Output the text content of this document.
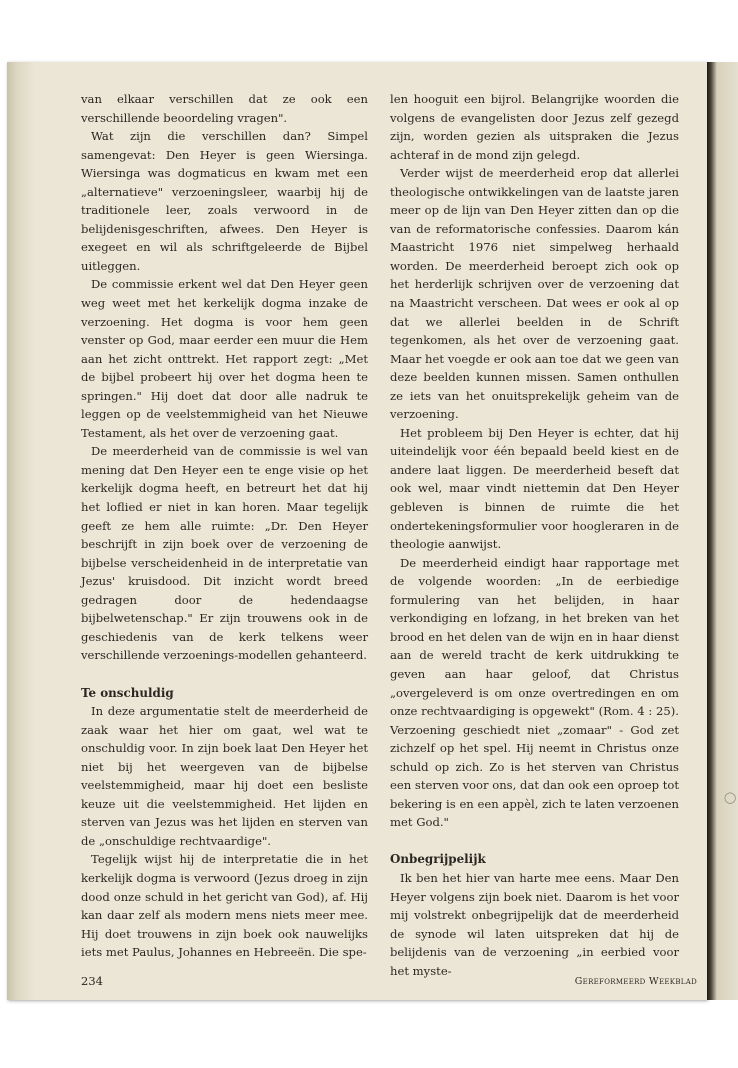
◯

van elkaar verschillen dat ze ook een verschillende beoordeling vragen".

Wat zijn die verschillen dan? Simpel samengevat: Den Heyer is geen Wiersinga. Wiersinga was dogmaticus en kwam met een „alternatieve" verzoeningsleer, waarbij hij de traditionele leer, zoals verwoord in de belijdenisgeschriften, afwees. Den Heyer is exegeet en wil als schriftgeleerde de Bijbel uitleggen.

De commissie erkent wel dat Den Heyer geen weg weet met het kerkelijk dogma inzake de verzoening. Het dogma is voor hem geen venster op God, maar eerder een muur die Hem aan het zicht onttrekt. Het rapport zegt: „Met de bijbel probeert hij over het dogma heen te springen." Hij doet dat door alle nadruk te leggen op de veelstemmigheid van het Nieuwe Testament, als het over de verzoening gaat.

De meerderheid van de commissie is wel van mening dat Den Heyer een te enge visie op het kerkelijk dogma heeft, en betreurt het dat hij het loflied er niet in kan horen. Maar tegelijk geeft ze hem alle ruimte: „Dr. Den Heyer beschrijft in zijn boek over de verzoening de bijbelse verscheidenheid in de interpretatie van Jezus' kruisdood. Dit inzicht wordt breed gedragen door de hedendaagse bijbelwetenschap." Er zijn trouwens ook in de geschiedenis van de kerk telkens weer verschillende verzoenings-modellen gehanteerd.

Te onschuldig

In deze argumentatie stelt de meerderheid de zaak waar het hier om gaat, wel wat te onschuldig voor. In zijn boek laat Den Heyer het niet bij het weergeven van de bijbelse veelstemmigheid, maar hij doet een besliste keuze uit die veelstemmigheid. Het lijden en sterven van Jezus was het lijden en sterven van de „onschuldige rechtvaardige".

Tegelijk wijst hij de interpretatie die in het kerkelijk dogma is verwoord (Jezus droeg in zijn dood onze schuld in het gericht van God), af. Hij kan daar zelf als modern mens niets meer mee. Hij doet trouwens in zijn boek ook nauwelijks iets met Paulus, Johannes en Hebreeën. Die spe-

len hooguit een bijrol. Belangrijke woorden die volgens de evangelisten door Jezus zelf gezegd zijn, worden gezien als uitspraken die Jezus achteraf in de mond zijn gelegd.

Verder wijst de meerderheid erop dat allerlei theologische ontwikkelingen van de laatste jaren meer op de lijn van Den Heyer zitten dan op die van de reformatorische confessies. Daarom kán Maastricht 1976 niet simpelweg herhaald worden. De meerderheid beroept zich ook op het herderlijk schrijven over de verzoening dat na Maastricht verscheen. Dat wees er ook al op dat we allerlei beelden in de Schrift tegenkomen, als het over de verzoening gaat. Maar het voegde er ook aan toe dat we geen van deze beelden kunnen missen. Samen onthullen ze iets van het onuitsprekelijk geheim van de verzoening.

Het probleem bij Den Heyer is echter, dat hij uiteindelijk voor één bepaald beeld kiest en de andere laat liggen. De meerderheid beseft dat ook wel, maar vindt niettemin dat Den Heyer gebleven is binnen de ruimte die het ondertekeningsformulier voor hoogleraren in de theologie aanwijst.

De meerderheid eindigt haar rapportage met de volgende woorden: „In de eerbiedige formulering van het belijden, in haar verkondiging en lofzang, in het breken van het brood en het delen van de wijn en in haar dienst aan de wereld tracht de kerk uitdrukking te geven aan haar geloof, dat Christus „overgeleverd is om onze overtredingen en om onze rechtvaardiging is opgewekt" (Rom. 4 : 25). Verzoening geschiedt niet „zomaar" - God zet zichzelf op het spel. Hij neemt in Christus onze schuld op zich. Zo is het sterven van Christus een sterven voor ons, dat dan ook een oproep tot bekering is en een appèl, zich te laten verzoenen met God."

Onbegrijpelijk

Ik ben het hier van harte mee eens. Maar Den Heyer volgens zijn boek niet. Daarom is het voor mij volstrekt onbegrijpelijk dat de meerderheid de synode wil laten uitspreken dat hij de belijdenis van de verzoening „in eerbied voor het myste-

234	Gereformeerd Weekblad
